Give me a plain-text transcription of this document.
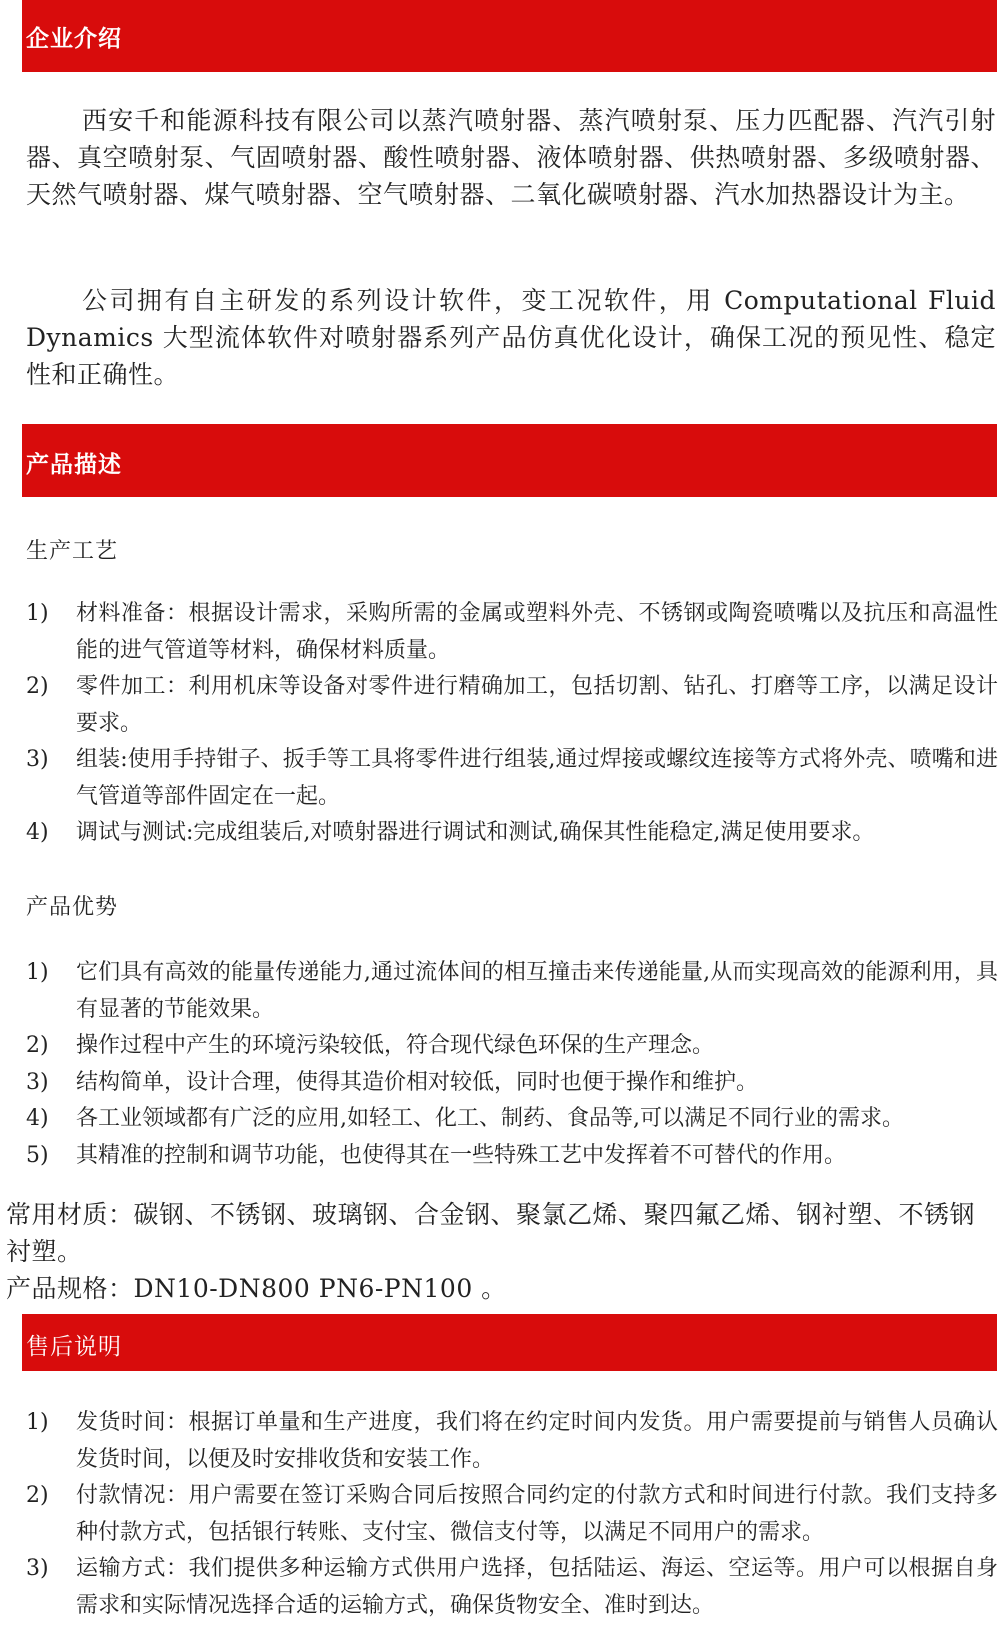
企业介绍

西安千和能源科技有限公司以蒸汽喷射器、蒸汽喷射泵、压力匹配器、汽汽引射器、真空喷射泵、气固喷射器、酸性喷射器、液体喷射器、供热喷射器、多级喷射器、天然气喷射器、煤气喷射器、空气喷射器、二氧化碳喷射器、汽水加热器设计为主。

公司拥有自主研发的系列设计软件，变工况软件，用 Computational Fluid Dynamics 大型流体软件对喷射器系列产品仿真优化设计，确保工况的预见性、稳定性和正确性。

产品描述

生产工艺

1) 材料准备：根据设计需求，采购所需的金属或塑料外壳、不锈钢或陶瓷喷嘴以及抗压和高温性能的进气管道等材料，确保材料质量。
2) 零件加工：利用机床等设备对零件进行精确加工，包括切割、钻孔、打磨等工序，以满足设计要求。
3) 组装:使用手持钳子、扳手等工具将零件进行组装,通过焊接或螺纹连接等方式将外壳、喷嘴和进气管道等部件固定在一起。
4) 调试与测试:完成组装后,对喷射器进行调试和测试,确保其性能稳定,满足使用要求。

产品优势

1) 它们具有高效的能量传递能力,通过流体间的相互撞击来传递能量,从而实现高效的能源利用，具有显著的节能效果。
2) 操作过程中产生的环境污染较低，符合现代绿色环保的生产理念。
3) 结构简单，设计合理，使得其造价相对较低，同时也便于操作和维护。
4) 各工业领域都有广泛的应用,如轻工、化工、制药、食品等,可以满足不同行业的需求。
5) 其精准的控制和调节功能，也使得其在一些特殊工艺中发挥着不可替代的作用。

常用材质：碳钢、不锈钢、玻璃钢、合金钢、聚氯乙烯、聚四氟乙烯、钢衬塑、不锈钢衬塑。

产品规格：DN10-DN800 PN6-PN100 。

售后说明
1) 发货时间：根据订单量和生产进度，我们将在约定时间内发货。用户需要提前与销售人员确认发货时间，以便及时安排收货和安装工作。
2) 付款情况：用户需要在签订采购合同后按照合同约定的付款方式和时间进行付款。我们支持多种付款方式，包括银行转账、支付宝、微信支付等，以满足不同用户的需求。
3) 运输方式：我们提供多种运输方式供用户选择，包括陆运、海运、空运等。用户可以根据自身需求和实际情况选择合适的运输方式，确保货物安全、准时到达。
